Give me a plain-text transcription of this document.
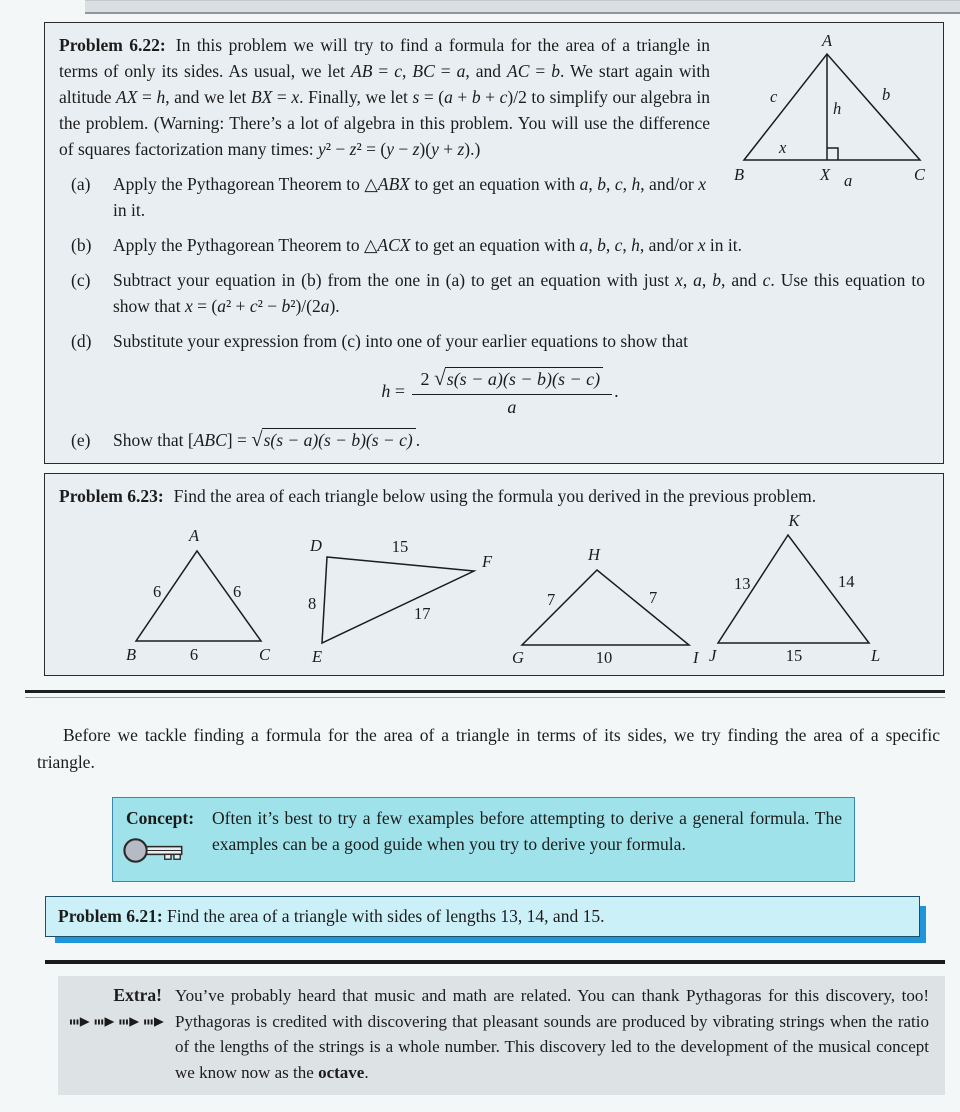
A
B	C
X a
c	b
h
x

Problem 6.22: In this problem we will try to find a formula for the area of a triangle in terms of only its sides. As usual, we let AB = c, BC = a, and AC = b. We start again with altitude AX = h, and we let BX = x. Finally, we let s = (a + b + c)/2 to simplify our algebra in the problem. (Warning: There’s a lot of algebra in this problem. You will use the difference of squares factorization many times: y² − z² = (y − z)(y + z).)

(a)	Apply the Pythagorean Theorem to △ABX to get an equation with a, b, c, h, and/or x in it.
(b)	Apply the Pythagorean Theorem to △ACX to get an equation with a, b, c, h, and/or x in it.
(c)	Subtract your equation in (b) from the one in (a) to get an equation with just x, a, b, and c. Use this equation to show that x = (a² + c² − b²)/(2a).
(d)	Substitute your expression from (c) into one of your earlier equations to show that
$h = \frac{2 √s(s - a)(s - b)(s - c)}{a}$ .
(e)	Show that [ABC] = √s(s − a)(s − b)(s − c) .

Problem 6.23: Find the area of each triangle below using the formula you derived in the previous problem.

A
B	C
6	6
6
D
F
E
15
8
17
H
G	I
7	7
10
K
J	L
13	14
15

Before we tackle finding a formula for the area of a triangle in terms of its sides, we try finding the area of a specific triangle.

Concept: Often it’s best to try a few examples before attempting to derive a general formula. The examples can be a good guide when you try to derive your formula.
Problem 6.21: Find the area of a triangle with sides of lengths 13, 14, and 15.
Extra! You’ve probably heard that music and math are related. You can thank Pythagoras for this discovery, too! Pythagoras is credited with discovering that pleasant sounds are produced by vibrating strings when the ratio of the lengths of the strings is a whole number. This discovery led to the development of the musical concept we know now as the octave.
